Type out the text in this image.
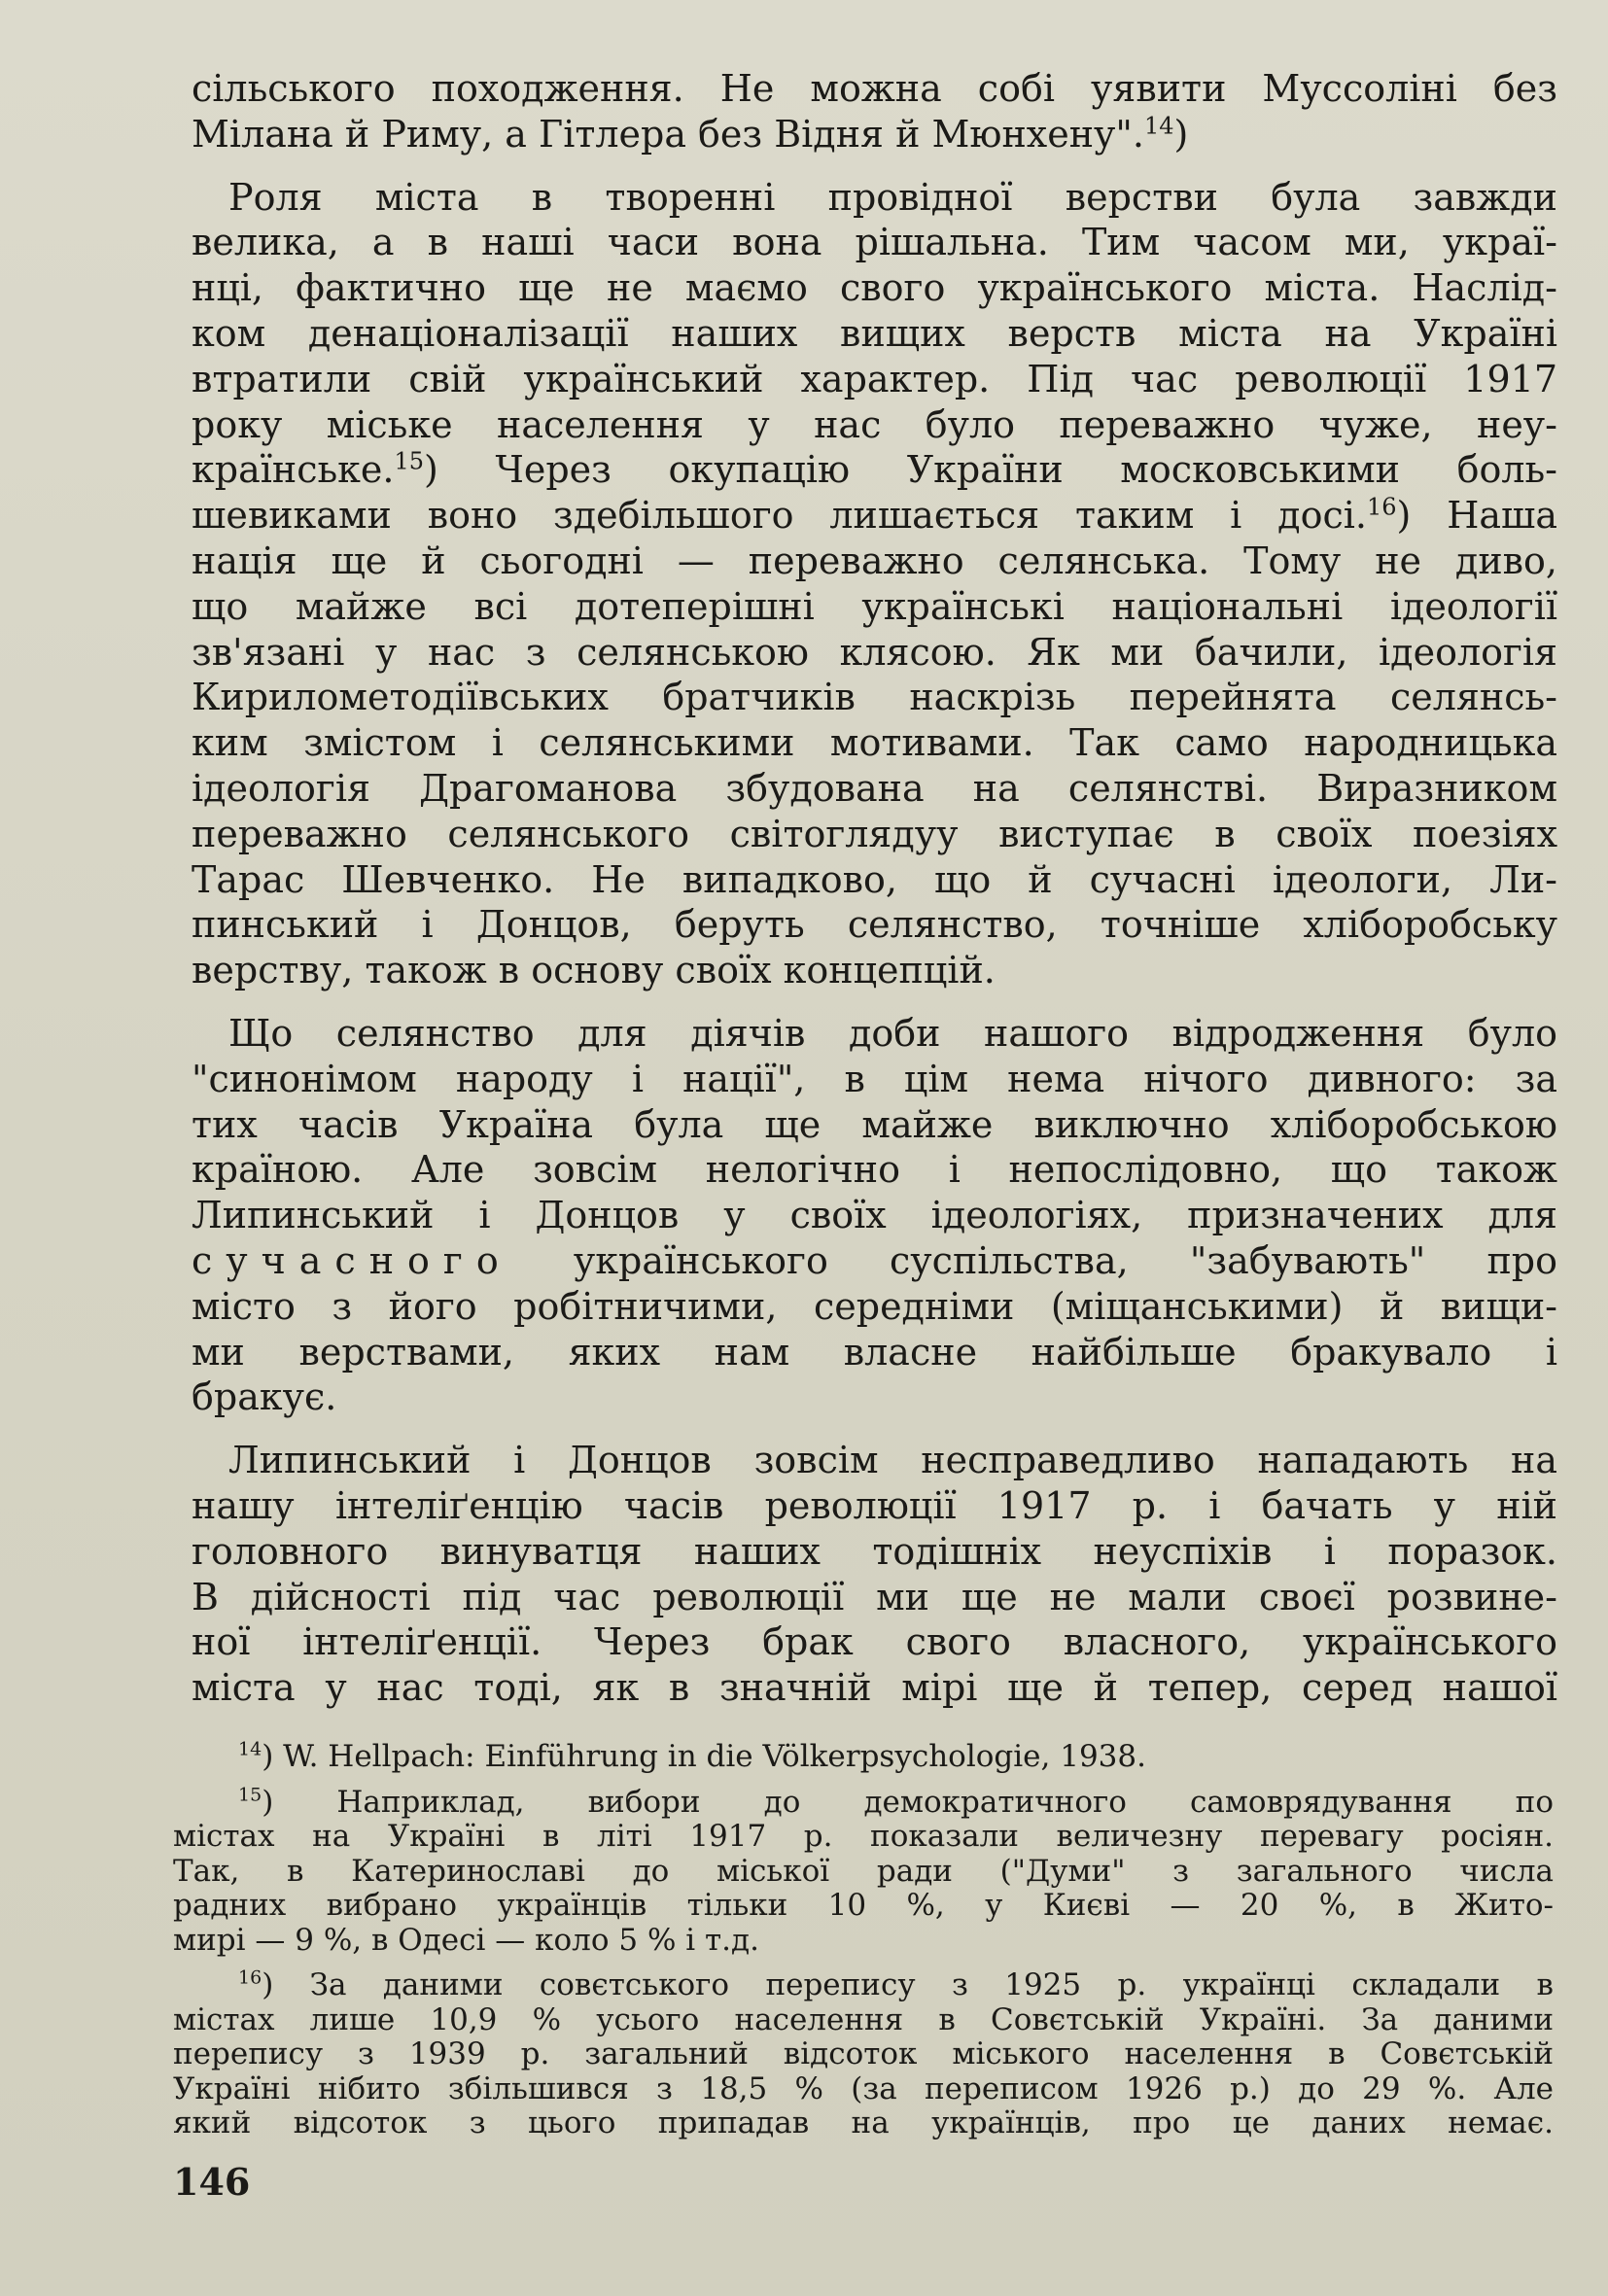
сільського походження. Не можна собі уявити Муссоліні без

Мілана й Риму, а Гітлера без Відня й Мюнхену".$^{14}$)

Роля міста в творенні провідної верстви була завжди

велика, а в наші часи вона рішальна. Тим часом ми, украї-

нці, фактично ще не маємо свого українського міста. Наслід-

ком денаціоналізації наших вищих верств міста на Україні

втратили свій український характер. Під час революції 1917

року міське населення у нас було переважно чуже, неу-

країнське.$^{15}$) Через окупацію України московськими боль-

шевиками воно здебільшого лишається таким і досі.$^{16}$) Наша

нація ще й сьогодні — переважно селянська. Тому не диво,

що майже всі дотеперішні українські національні ідеології

зв'язані у нас з селянською клясою. Як ми бачили, ідеологія

Кирилометодіївських братчиків наскрізь перейнята селянсь-

ким змістом і селянськими мотивами. Так само народницька

ідеологія Драгоманова збудована на селянстві. Виразником

переважно селянського світоглядуу виступає в своїх поезіях

Тарас Шевченко. Не випадково, що й сучасні ідеологи, Ли-

пинський і Донцов, беруть селянство, точніше хліборобську

верству, також в основу своїх концепцій.

Що селянство для діячів доби нашого відродження було

"синонімом народу і нації", в цім нема нічого дивного: за

тих часів Україна була ще майже виключно хліборобською

країною. Але зовсім нелогічно і непослідовно, що також

Липинський і Донцов у своїх ідеологіях, призначених для

сучасного українського суспільства, "забувають" про

місто з його робітничими, середніми (міщанськими) й вищи-

ми верствами, яких нам власне найбільше бракувало і

бракує.

Липинський і Донцов зовсім несправедливо нападають на

нашу інтеліґенцію часів революції 1917 р. і бачать у ній

головного винуватця наших тодішніх неуспіхів і поразок.

В дійсності під час революції ми ще не мали своєї розвине-

ної інтеліґенції. Через брак свого власного, українського

міста у нас тоді, як в значній мірі ще й тепер, серед нашої

$^{14}$) W. Hellpach: Einführung in die Völkerpsychologie, 1938.
$^{15}$) Наприклад, вибори до демократичного самоврядування по
містах на Україні в літі 1917 р. показали величезну перевагу росіян.
Так, в Катеринославі до міської ради ("Думи" з загального числа
радних вибрано українців тільки 10 %, у Києві — 20 %, в Жито-
мирі — 9 %, в Одесі — коло 5 % і т.д.
$^{16}$) За даними совєтського перепису з 1925 р. українці складали в
містах лише 10,9 % усього населення в Совєтській Україні. За даними
перепису з 1939 р. загальний відсоток міського населення в Совєтській
Україні нібито збільшився з 18,5 % (за переписом 1926 р.) до 29 %. Але
який відсоток з цього припадав на українців, про це даних немає.
146
